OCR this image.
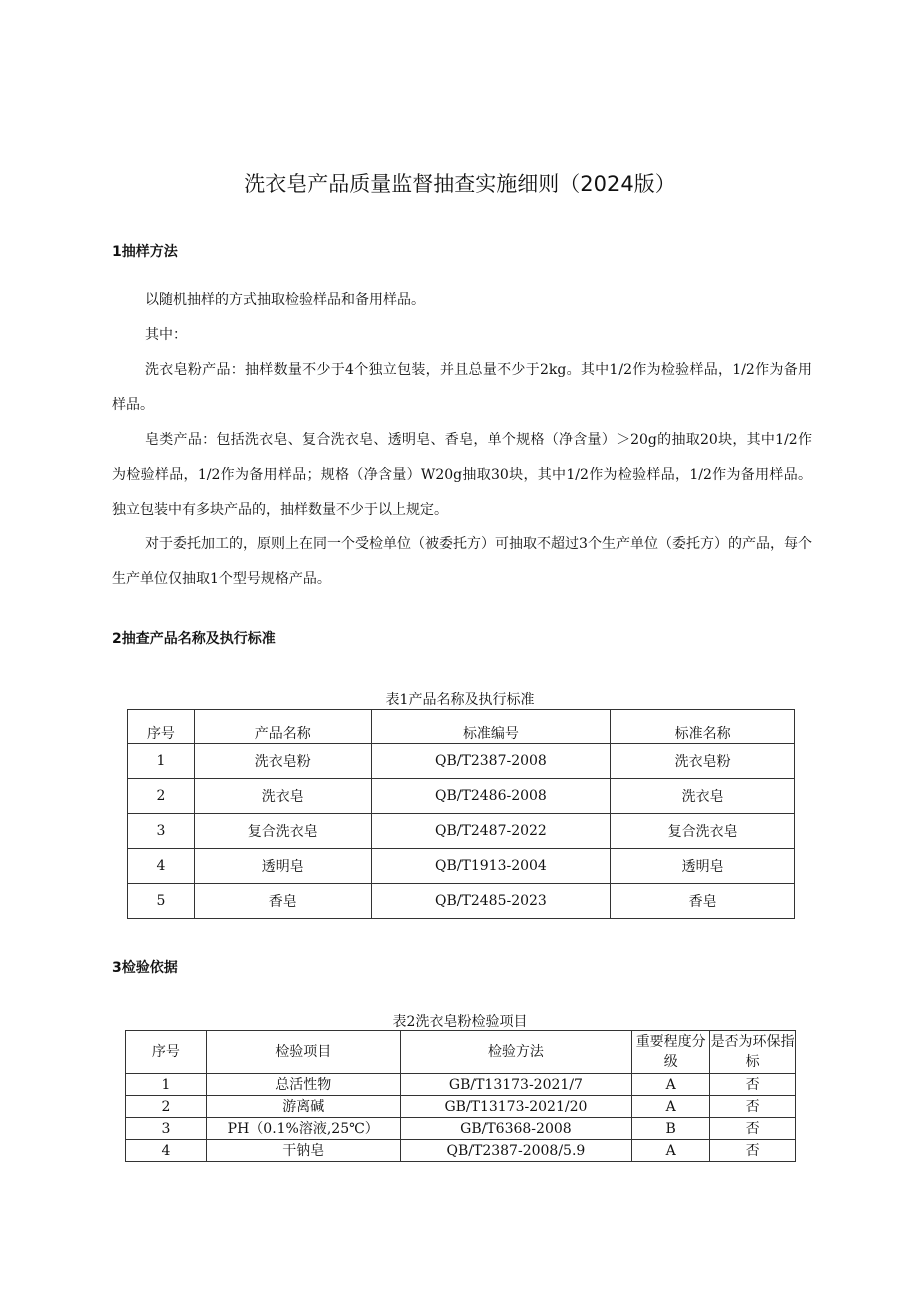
洗衣皂产品质量监督抽查实施细则（2024版）
1抽样方法

以随机抽样的方式抽取检验样品和备用样品。

其中：

洗衣皂粉产品：抽样数量不少于4个独立包装，并且总量不少于2kg。其中1/2作为检验样品，1/2作为备用样品。

皂类产品：包括洗衣皂、复合洗衣皂、透明皂、香皂，单个规格（净含量）＞20g的抽取20块，其中1/2作为检验样品，1/2作为备用样品；规格（净含量）W20g抽取30块，其中1/2作为检验样品，1/2作为备用样品。独立包装中有多块产品的，抽样数量不少于以上规定。

对于委托加工的，原则上在同一个受检单位（被委托方）可抽取不超过3个生产单位（委托方）的产品，每个生产单位仅抽取1个型号规格产品。

2抽查产品名称及执行标准
表1产品名称及执行标准
序号	产品名称	标准编号	标准名称
1	洗衣皂粉	QB/T2387-2008	洗衣皂粉
2	洗衣皂	QB/T2486-2008	洗衣皂
3	复合洗衣皂	QB/T2487-2022	复合洗衣皂
4	透明皂	QB/T1913-2004	透明皂
5	香皂	QB/T2485-2023	香皂
3检验依据
表2洗衣皂粉检验项目
序号	检验项目	检验方法	重要程度分级	是否为环保指标
1	总活性物	GB/T13173-2021/7	A	否
2	游离碱	GB/T13173-2021/20	A	否
3	PH（0.1%溶液,25℃）	GB/T6368-2008	B	否
4	干钠皂	QB/T2387-2008/5.9	A	否
